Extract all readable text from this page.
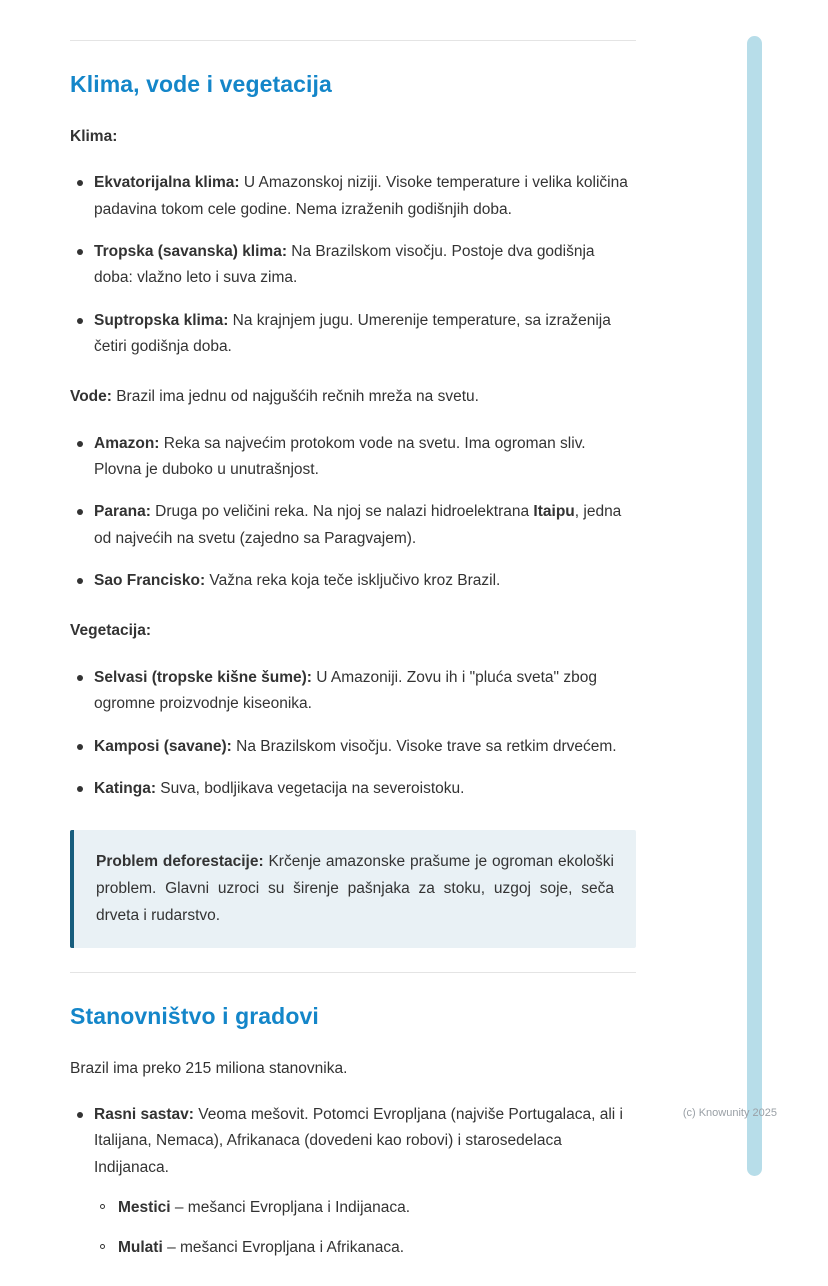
Klima, vode i vegetacija

Klima:

Ekvatorijalna klima: U Amazonskoj niziji. Visoke temperature i velika količina padavina tokom cele godine. Nema izraženih godišnjih doba.
Tropska (savanska) klima: Na Brazilskom visočju. Postoje dva godišnja doba: vlažno leto i suva zima.
Suptropska klima: Na krajnjem jugu. Umerenije temperature, sa izraženija četiri godišnja doba.

Vode: Brazil ima jednu od najgušćih rečnih mreža na svetu.

Amazon: Reka sa najvećim protokom vode na svetu. Ima ogroman sliv. Plovna je duboko u unutrašnjost.
Parana: Druga po veličini reka. Na njoj se nalazi hidroelektrana Itaipu, jedna od najvećih na svetu (zajedno sa Paragvajem).
Sao Francisko: Važna reka koja teče isključivo kroz Brazil.

Vegetacija:

Selvasi (tropske kišne šume): U Amazoniji. Zovu ih i "pluća sveta" zbog ogromne proizvodnje kiseonika.
Kamposi (savane): Na Brazilskom visočju. Visoke trave sa retkim drvećem.
Katinga: Suva, bodljikava vegetacija na severoistoku.
Problem deforestacije: Krčenje amazonske prašume je ogroman ekološki problem. Glavni uzroci su širenje pašnjaka za stoku, uzgoj soje, seča drveta i rudarstvo.
Stanovništvo i gradovi

Brazil ima preko 215 miliona stanovnika.

Rasni sastav: Veoma mešovit. Potomci Evropljana (najviše Portugalaca, ali i Italijana, Nemaca), Afrikanaca (dovedeni kao robovi) i starosedelaca Indijanaca.
Mestici – mešanci Evropljana i Indijanaca.
Mulati – mešanci Evropljana i Afrikanaca.
(c) Knowunity 2025
